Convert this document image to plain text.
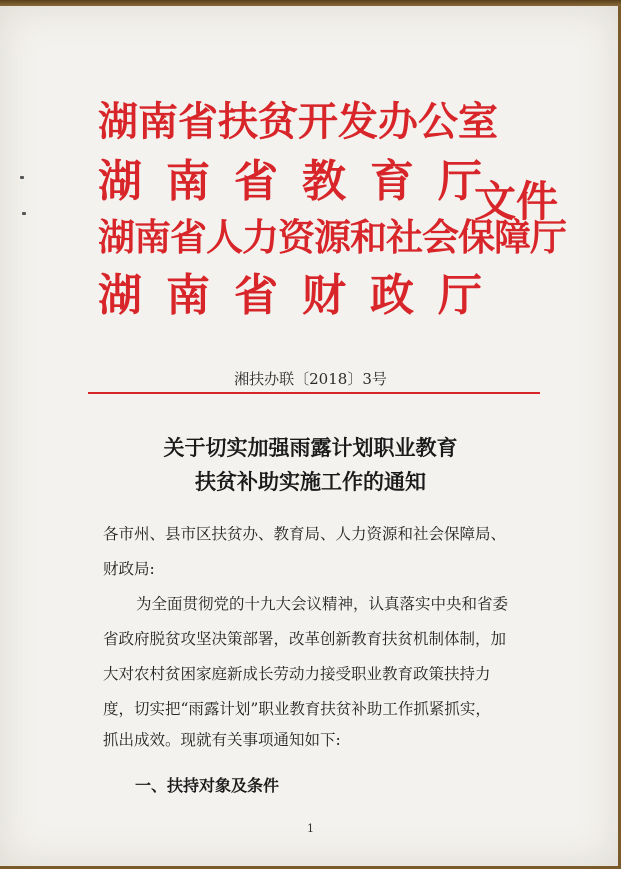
湖南省扶贫开发办公室
湖南省教育厅
湖南省人力资源和社会保障厅
湖南省财政厅
文件
湘扶办联〔2018〕3号
关于切实加强雨露计划职业教育
扶贫补助实施工作的通知
各市州、县市区扶贫办、教育局、人力资源和社会保障局、
财政局:
为全面贯彻党的十九大会议精神，认真落实中央和省委
省政府脱贫攻坚决策部署，改革创新教育扶贫机制体制，加
大对农村贫困家庭新成长劳动力接受职业教育政策扶持力
度，切实把“雨露计划”职业教育扶贫补助工作抓紧抓实，
1
抓出成效。现就有关事项通知如下:
一、扶持对象及条件
